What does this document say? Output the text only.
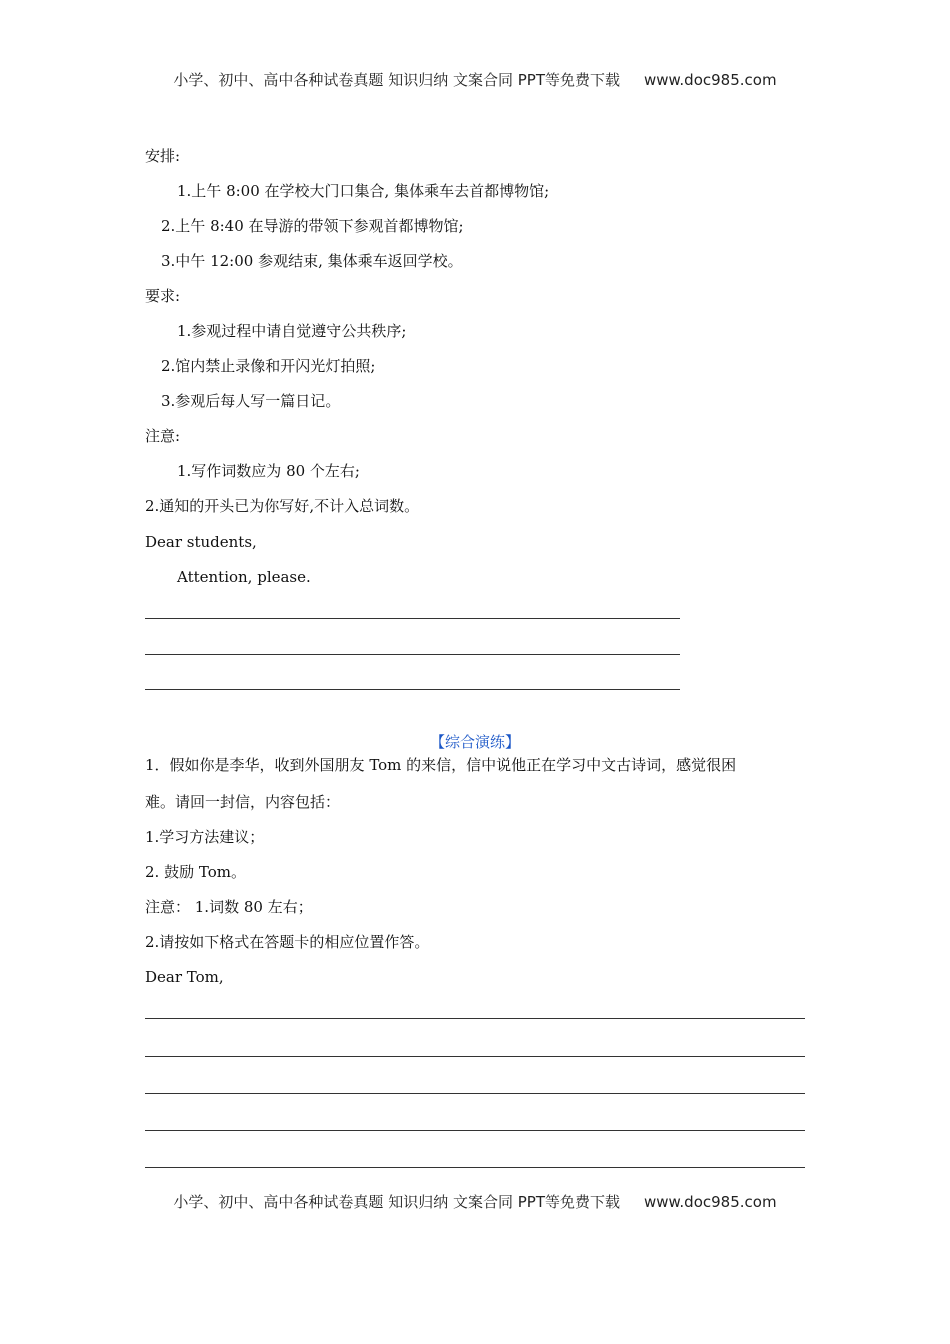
小学、初中、高中各种试卷真题 知识归纳 文案合同 PPT等免费下载 www.doc985.com
安排:
1.上午 8:00 在学校大门口集合, 集体乘车去首都博物馆;
2.上午 8:40 在导游的带领下参观首都博物馆;
3.中午 12:00 参观结束, 集体乘车返回学校。
要求:
1.参观过程中请自觉遵守公共秩序;
2.馆内禁止录像和开闪光灯拍照;
3.参观后每人写一篇日记。
注意:
1.写作词数应为 80 个左右;
2.通知的开头已为你写好,不计入总词数。
Dear students,
Attention, please.
【综合演练】
1．假如你是李华，收到外国朋友 Tom 的来信，信中说他正在学习中文古诗词，感觉很困
难。请回一封信，内容包括：
1.学习方法建议；
2. 鼓励 Tom。
注意： 1.词数 80 左右；
2.请按如下格式在答题卡的相应位置作答。
Dear Tom,
小学、初中、高中各种试卷真题 知识归纳 文案合同 PPT等免费下载 www.doc985.com
